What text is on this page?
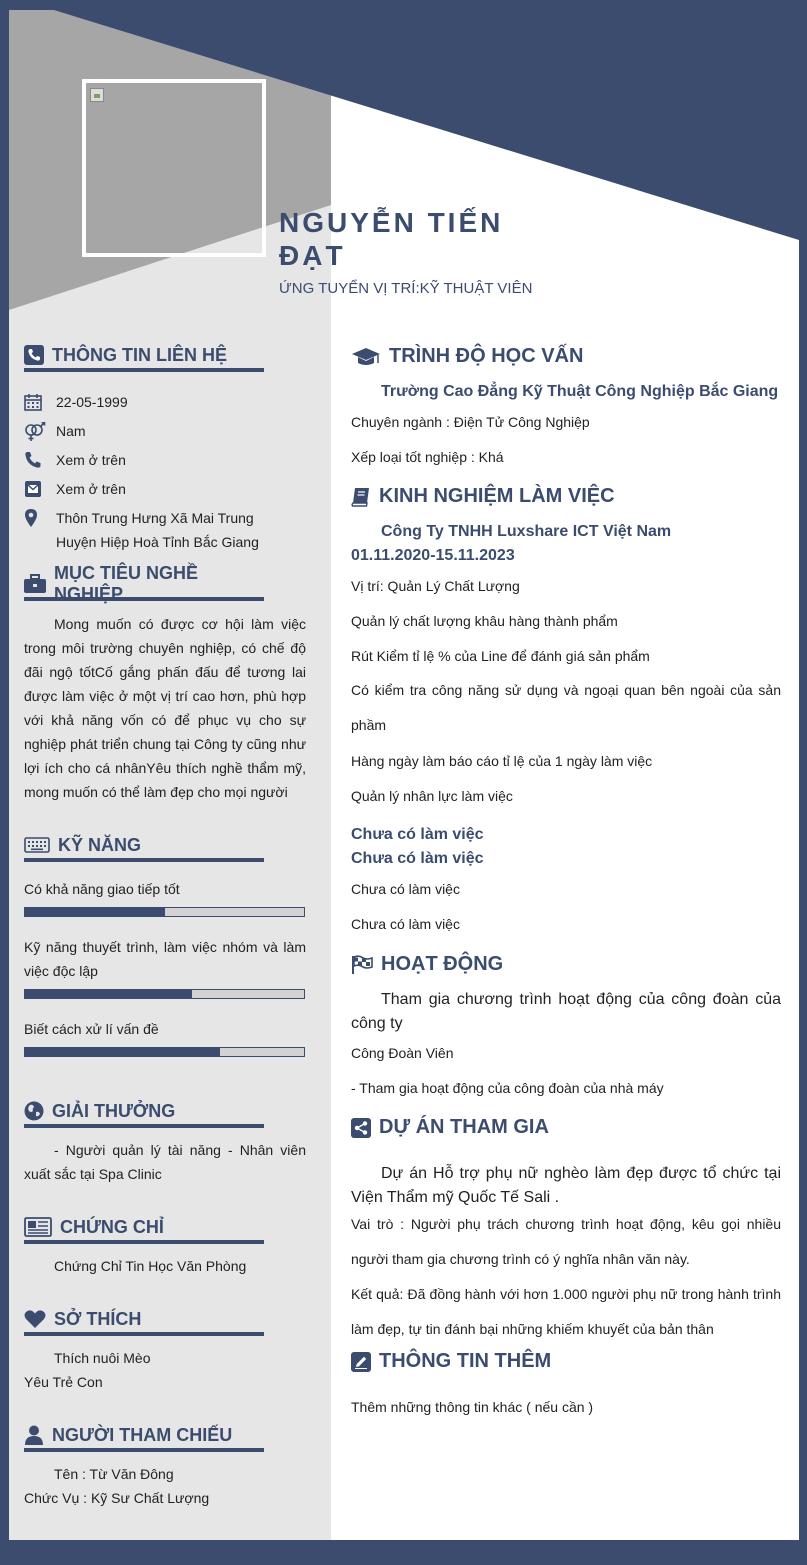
NGUYỄN TIẾN ĐẠT
ỨNG TUYỂN VỊ TRÍ:KỸ THUẬT VIÊN
THÔNG TIN LIÊN HỆ
22-05-1999
Nam
Xem ở trên
Xem ở trên
Thôn Trung Hưng Xã Mai Trung
Huyện Hiệp Hoà Tỉnh Bắc Giang
MỤC TIÊU NGHỀ NGHIỆP
Mong muốn có được cơ hội làm việc trong môi trường chuyên nghiệp, có chế độ đãi ngộ tốtCố gắng phấn đấu để tương lai được làm việc ở một vị trí cao hơn, phù hợp với khả năng vốn có để phục vụ cho sự nghiệp phát triển chung tại Công ty cũng như lợi ích cho cá nhânYêu thích nghề thẩm mỹ, mong muốn có thể làm đẹp cho mọi người
KỸ NĂNG
Có khả năng giao tiếp tốt
Kỹ năng thuyết trình, làm việc nhóm và làm việc độc lập
Biết cách xử lí vấn đề
GIẢI THƯỞNG
- Người quản lý tài năng - Nhân viên xuất sắc tại Spa Clinic
CHỨNG CHỈ
Chứng Chỉ Tin Học Văn Phòng
SỞ THÍCH
Thích nuôi Mèo
Yêu Trẻ Con
NGƯỜI THAM CHIẾU
Tên : Từ Văn Đông
Chức Vụ : Kỹ Sư Chất Lượng
TRÌNH ĐỘ HỌC VẤN
Trường Cao Đẳng Kỹ Thuật Công Nghiệp Bắc Giang
Chuyên ngành : Điện Tử Công Nghiệp
Xếp loại tốt nghiệp : Khá
KINH NGHIỆM LÀM VIỆC
Công Ty TNHH Luxshare ICT Việt Nam
01.11.2020-15.11.2023
Vị trí: Quản Lý Chất Lượng
Quản lý chất lượng khâu hàng thành phẩm
Rút Kiểm tỉ lệ % của Line để đánh giá sản phẩm
Có kiểm tra công năng sử dụng và ngoại quan bên ngoài của sản phầm
Hàng ngày làm báo cáo tỉ lệ của 1 ngày làm việc
Quản lý nhân lực làm việc
Chưa có làm việc
Chưa có làm việc
Chưa có làm việc
Chưa có làm việc
HOẠT ĐỘNG
Tham gia chương trình hoạt động của công đoàn của công ty
Công Đoàn Viên
- Tham gia hoạt động của công đoàn của nhà máy
DỰ ÁN THAM GIA
Dự án Hỗ trợ phụ nữ nghèo làm đẹp được tổ chức tại Viện Thẩm mỹ Quốc Tế Sali .
Vai trò : Người phụ trách chương trình hoạt động, kêu gọi nhiều người tham gia chương trình có ý nghĩa nhân văn này.
Kết quả: Đã đồng hành với hơn 1.000 người phụ nữ trong hành trình làm đẹp, tự tin đánh bại những khiếm khuyết của bản thân
THÔNG TIN THÊM
Thêm những thông tin khác ( nếu cần )
